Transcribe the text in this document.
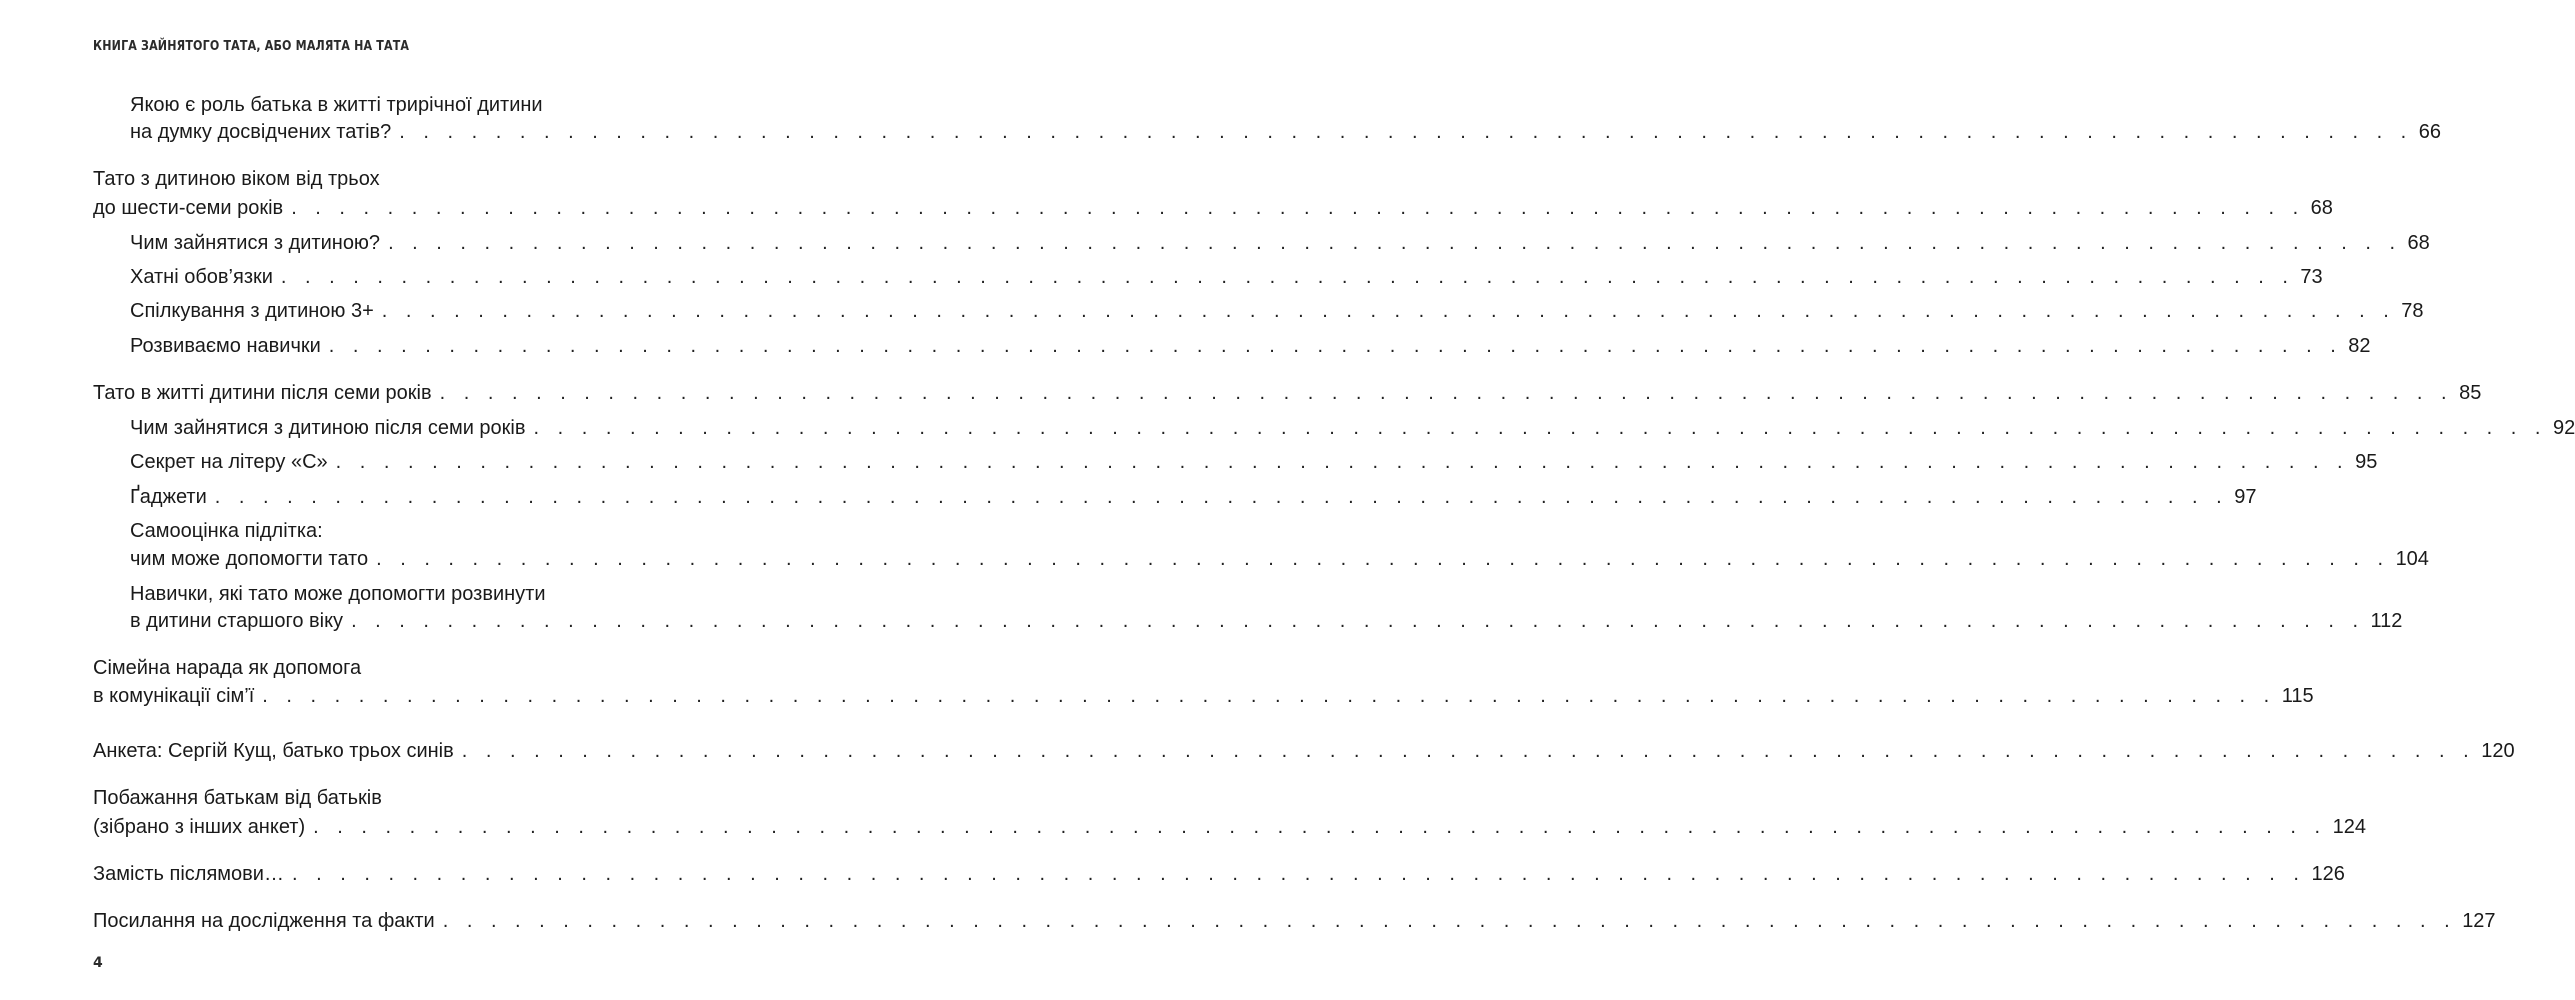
КНИГА ЗАЙНЯТОГО ТАТА, АБО МАЛЯТА НА ТАТА
Якою є роль батька в житті трирічної дитини
на думку досвідчених татів? . . . . . . . . . . . . . . . . . . . . . . . . . . . . . . . . . . . . . . . . . . . . . . . . . . . . . . . . . . . . . . . . . . . . . . . . . . . . . . . . . . . . 66
Тато з дитиною віком від трьох
до шести-семи років . . . . . . . . . . . . . . . . . . . . . . . . . . . . . . . . . . . . . . . . . . . . . . . . . . . . . . . . . . . . . . . . . . . . . . . . . . . . . . . . . . . . 68
Чим зайнятися з дитиною? . . . . . . . . . . . . . . . . . . . . . . . . . . . . . . . . . . . . . . . . . . . . . . . . . . . . . . . . . . . . . . . . . . . . . . . . . . . . . . . . . . . . 68
Хатні обов’язки . . . . . . . . . . . . . . . . . . . . . . . . . . . . . . . . . . . . . . . . . . . . . . . . . . . . . . . . . . . . . . . . . . . . . . . . . . . . . . . . . . . . 73
Спілкування з дитиною 3+ . . . . . . . . . . . . . . . . . . . . . . . . . . . . . . . . . . . . . . . . . . . . . . . . . . . . . . . . . . . . . . . . . . . . . . . . . . . . . . . . . . . . 78
Розвиваємо навички . . . . . . . . . . . . . . . . . . . . . . . . . . . . . . . . . . . . . . . . . . . . . . . . . . . . . . . . . . . . . . . . . . . . . . . . . . . . . . . . . . . . 82
Тато в житті дитини після семи років . . . . . . . . . . . . . . . . . . . . . . . . . . . . . . . . . . . . . . . . . . . . . . . . . . . . . . . . . . . . . . . . . . . . . . . . . . . . . . . . . . . . 85
Чим зайнятися з дитиною після семи років . . . . . . . . . . . . . . . . . . . . . . . . . . . . . . . . . . . . . . . . . . . . . . . . . . . . . . . . . . . . . . . . . . . . . . . . . . . . . . . . . . . . 92
Секрет на літеру «С» . . . . . . . . . . . . . . . . . . . . . . . . . . . . . . . . . . . . . . . . . . . . . . . . . . . . . . . . . . . . . . . . . . . . . . . . . . . . . . . . . . . . 95
Ґаджети . . . . . . . . . . . . . . . . . . . . . . . . . . . . . . . . . . . . . . . . . . . . . . . . . . . . . . . . . . . . . . . . . . . . . . . . . . . . . . . . . . . . 97
Самооцінка підлітка:
чим може допомогти тато . . . . . . . . . . . . . . . . . . . . . . . . . . . . . . . . . . . . . . . . . . . . . . . . . . . . . . . . . . . . . . . . . . . . . . . . . . . . . . . . . . . . 104
Навички, які тато може допомогти розвинути
в дитини старшого віку . . . . . . . . . . . . . . . . . . . . . . . . . . . . . . . . . . . . . . . . . . . . . . . . . . . . . . . . . . . . . . . . . . . . . . . . . . . . . . . . . . . . 112
Сімейна нарада як допомога
в комунікації сім’ї . . . . . . . . . . . . . . . . . . . . . . . . . . . . . . . . . . . . . . . . . . . . . . . . . . . . . . . . . . . . . . . . . . . . . . . . . . . . . . . . . . . . 115
Анкета: Сергій Кущ, батько трьох синів . . . . . . . . . . . . . . . . . . . . . . . . . . . . . . . . . . . . . . . . . . . . . . . . . . . . . . . . . . . . . . . . . . . . . . . . . . . . . . . . . . . . 120
Побажання батькам від батьків
(зібрано з інших анкет) . . . . . . . . . . . . . . . . . . . . . . . . . . . . . . . . . . . . . . . . . . . . . . . . . . . . . . . . . . . . . . . . . . . . . . . . . . . . . . . . . . . . 124
Замість післямови… . . . . . . . . . . . . . . . . . . . . . . . . . . . . . . . . . . . . . . . . . . . . . . . . . . . . . . . . . . . . . . . . . . . . . . . . . . . . . . . . . . . . 126
Посилання на дослідження та факти . . . . . . . . . . . . . . . . . . . . . . . . . . . . . . . . . . . . . . . . . . . . . . . . . . . . . . . . . . . . . . . . . . . . . . . . . . . . . . . . . . . . 127
4
